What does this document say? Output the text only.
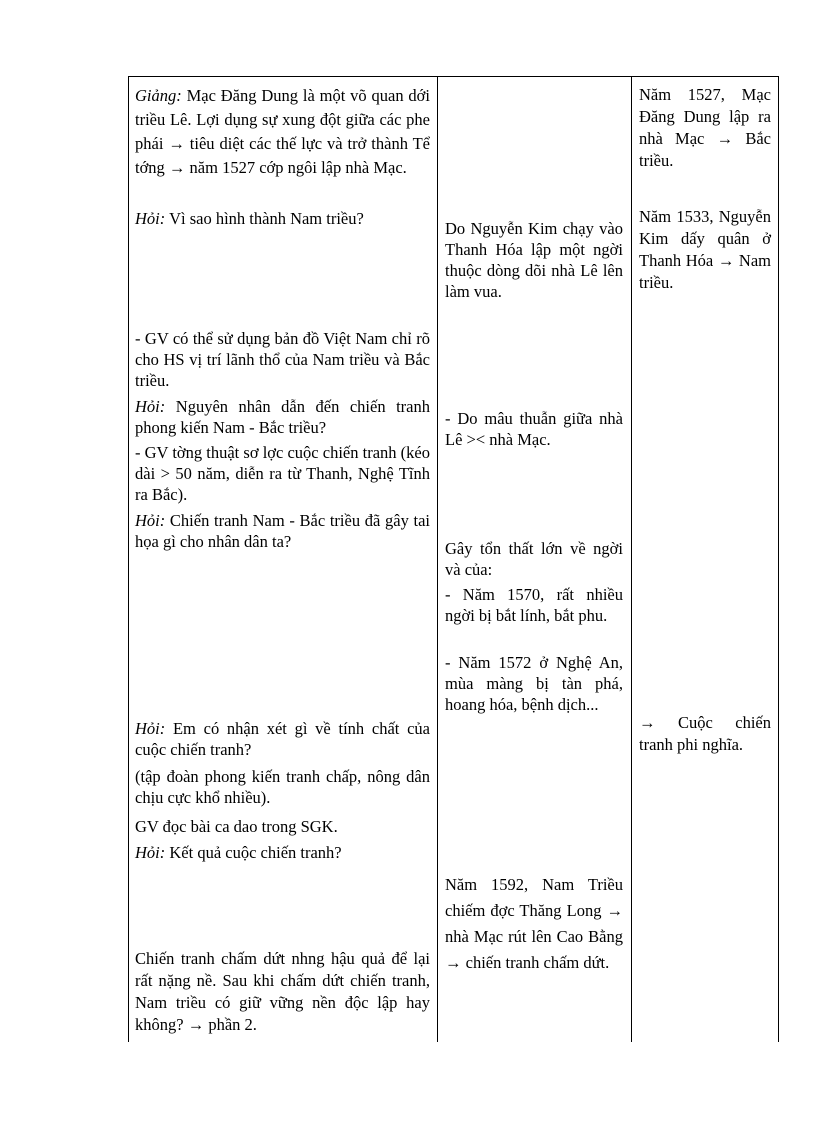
Giảng: Mạc Đăng Dung là một võ quan dới triều Lê. Lợi dụng sự xung đột giữa các phe phái → tiêu diệt các thế lực và trở thành Tể tớng → năm 1527 cớp ngôi lập nhà Mạc.

Hỏi: Vì sao hình thành Nam triều?

- GV có thể sử dụng bản đồ Việt Nam chỉ rõ cho HS vị trí lãnh thổ của Nam triều và Bắc triều.

Hỏi: Nguyên nhân dẫn đến chiến tranh phong kiến Nam - Bắc triều?

- GV tờng thuật sơ lợc cuộc chiến tranh (kéo dài > 50 năm, diễn ra từ Thanh, Nghệ Tĩnh ra Bắc).

Hỏi: Chiến tranh Nam - Bắc triều đã gây tai họa gì cho nhân dân ta?

Hỏi: Em có nhận xét gì về tính chất của cuộc chiến tranh?

(tập đoàn phong kiến tranh chấp, nông dân chịu cực khổ nhiều).

GV đọc bài ca dao trong SGK.

Hỏi: Kết quả cuộc chiến tranh?

Chiến tranh chấm dứt nhng hậu quả để lại rất nặng nề. Sau khi chấm dứt chiến tranh, Nam triều có giữ vững nền độc lập hay không? → phần 2.

Do Nguyễn Kim chạy vào Thanh Hóa lập một ngời thuộc dòng dõi nhà Lê lên làm vua.

- Do mâu thuẫn giữa nhà Lê >< nhà Mạc.

Gây tổn thất lớn về ngời và của:

- Năm 1570, rất nhiều ngời bị bắt lính, bắt phu.

- Năm 1572 ở Nghệ An, mùa màng bị tàn phá, hoang hóa, bệnh dịch...

Năm 1592, Nam Triều chiếm đợc Thăng Long → nhà Mạc rút lên Cao Bằng → chiến tranh chấm dứt.

Năm 1527, Mạc Đăng Dung lập ra nhà Mạc → Bắc triều.

Năm 1533, Nguyễn Kim dấy quân ở Thanh Hóa → Nam triều.

→ Cuộc chiến tranh phi nghĩa.
